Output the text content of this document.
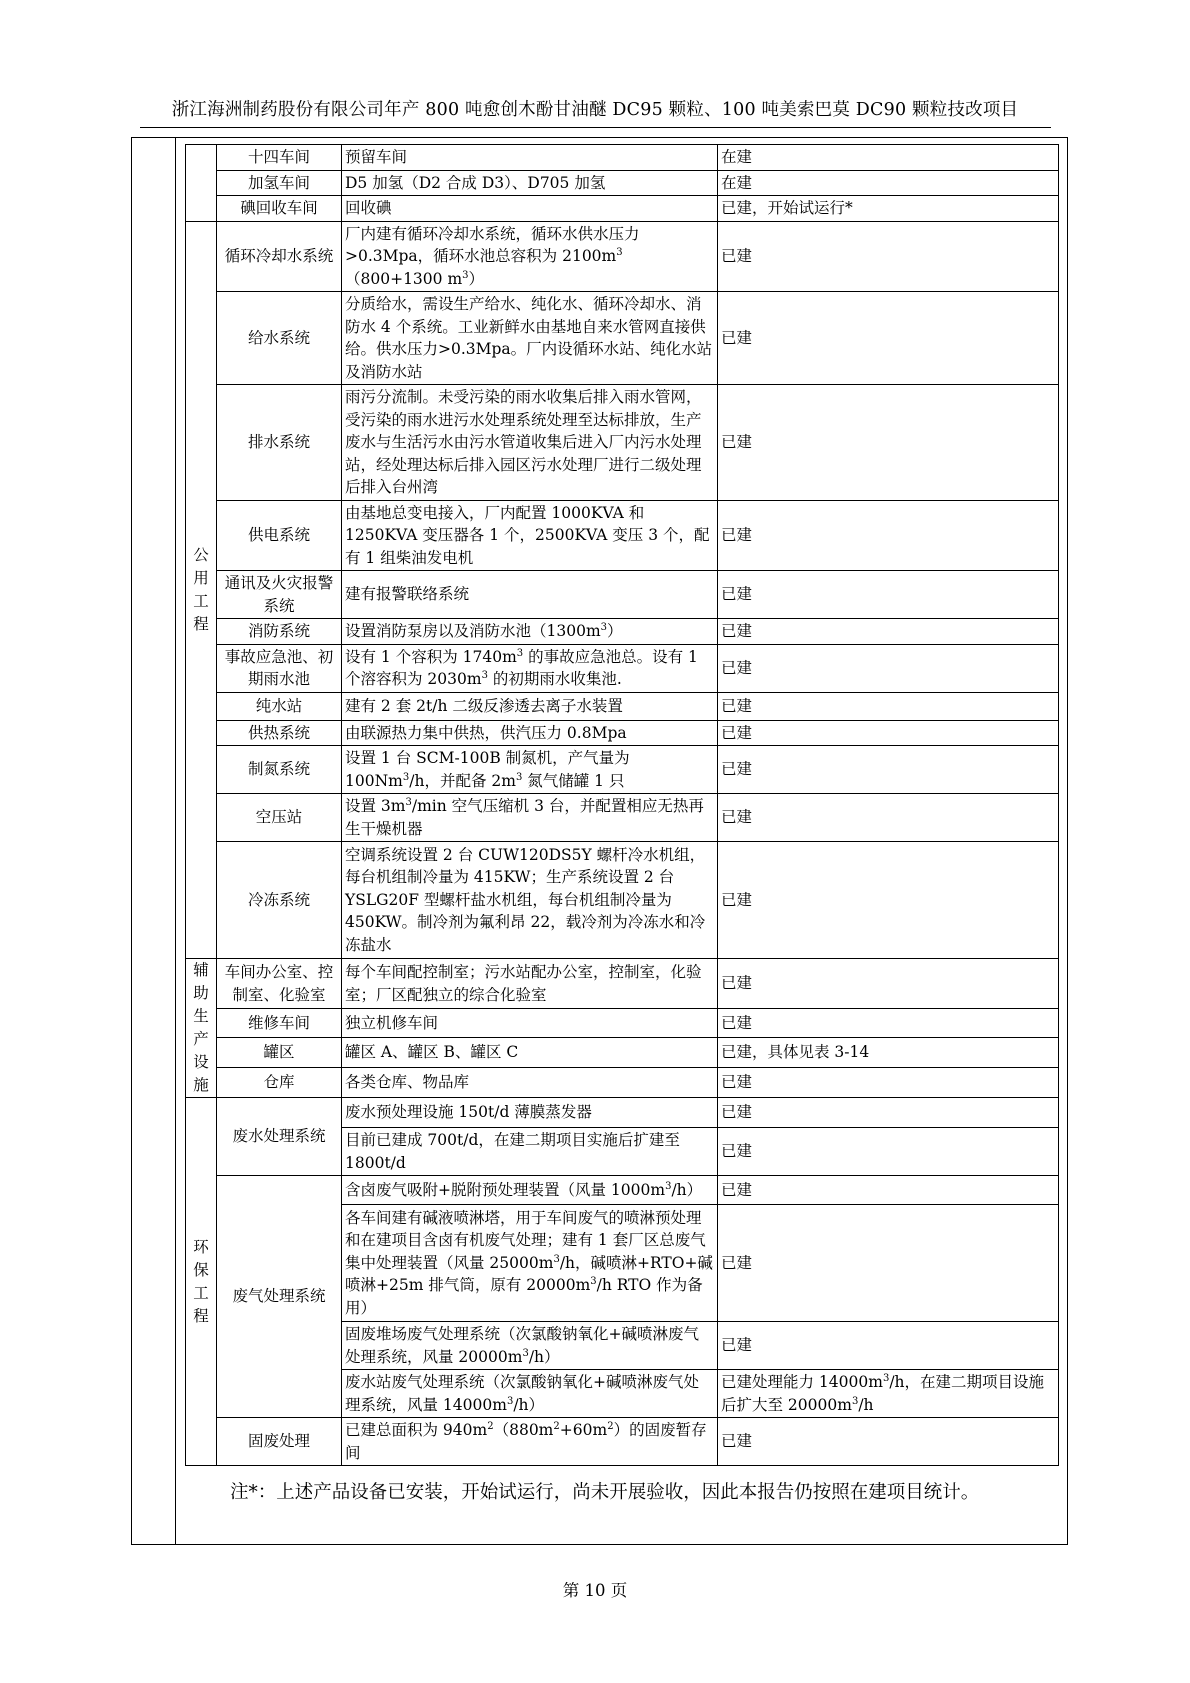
浙江海洲制药股份有限公司年产 800 吨愈创木酚甘油醚 DC95 颗粒、100 吨美索巴莫 DC90 颗粒技改项目
	十四车间	预留车间	在建
	加氢车间	D5 加氢（D2 合成 D3）、D705 加氢	在建
	碘回收车间	回收碘	已建，开始试运行*
公用工程	循环冷却水系统	厂内建有循环冷却水系统，循环水供水压力>0.3Mpa，循环水池总容积为 $2100m^3(800+1300$ $m^3$）	已建
	给水系统	分质给水，需设生产给水、纯化水、循环冷却水、消防水 4 个系统。工业新鲜水由基地自来水管网直接供给。供水压力>0.3Mpa。厂内设循环水站、纯化水站及消防水站	已建
	排水系统	雨污分流制。未受污染的雨水收集后排入雨水管网，受污染的雨水进污水处理系统处理至达标排放，生产废水与生活污水由污水管道收集后进入厂内污水处理站，经处理达标后排入园区污水处理厂进行二级处理后排入台州湾	已建
	供电系统	由基地总变电接入，厂内配置 1000KVA 和 1250KVA 变压器各 1 个，2500KVA 变压 3 个，配有 1 组柴油发电机	已建
	通讯及火灾报警系统	建有报警联络系统	已建
	消防系统	设置消防泵房以及消防水池$(1300m^3)$	已建
	事故应急池、初期雨水池	设有 1 个容积为 $1740m^3$ 的事故应急池总。设有 1 个溶容积为 $2030m^3$ 的初期雨水收集池.	已建
	纯水站	建有 2 套 2t/h 二级反渗透去离子水装置	已建
	供热系统	由联源热力集中供热，供汽压力 0.8Mpa	已建
	制氮系统	设置 1 台 SCM-100B 制氮机，产气量为 100Nm$^3$/h，并配备 $2m^3$ 氮气储罐 1 只	已建
	空压站	设置 $3m^3/\min$ 空气压缩机 3 台，并配置相应无热再生干燥机器	已建
	冷冻系统	空调系统设置 2 台 CUW120DS5Y 螺杆冷水机组，每台机组制冷量为 415KW；生产系统设置 2 台 YSLG20F 型螺杆盐水机组，每台机组制冷量为 450KW。制冷剂为氟利昂 22，载冷剂为冷冻水和冷冻盐水	已建
辅助生产设施	车间办公室、控制室、化验室	每个车间配控制室；污水站配办公室，控制室，化验室；厂区配独立的综合化验室	已建
	维修车间	独立机修车间	已建
	罐区	罐区 A、罐区 B、罐区 C	已建，具体见表 3-14
	仓库	各类仓库、物品库	已建
环保工程	废水处理系统	废水预处理设施 150t/d 薄膜蒸发器	已建
		目前已建成 700t/d，在建二期项目实施后扩建至 1800t/d	已建
	废气处理系统	含卤废气吸附+脱附预处理装置（风量 $1000m^3/h$）	已建
		各车间建有碱液喷淋塔，用于车间废气的喷淋预处理和在建项目含卤有机废气处理；建有 1 套厂区总废气集中处理装置（风量 $25000m^3/h$，碱喷淋+RTO+碱喷淋+25m 排气筒，原有 $20000m^3/h$ RTO 作为备用）	已建
		固废堆场废气处理系统（次氯酸钠氧化+碱喷淋废气处理系统，风量 $20000m^3/h$）	已建
		废水站废气处理系统（次氯酸钠氧化+碱喷淋废气处理系统，风量 $14000m^3/h$）	已建处理能力 $14000m^3/h$，在建二期项目设施后扩大至 $20000m^3/h$
	固废处理	已建总面积为 $940m^2(880m^2+60m^2)$的固废暂存间	已建
注*：上述产品设备已安装，开始试运行，尚未开展验收，因此本报告仍按照在建项目统计。
第 10 页
